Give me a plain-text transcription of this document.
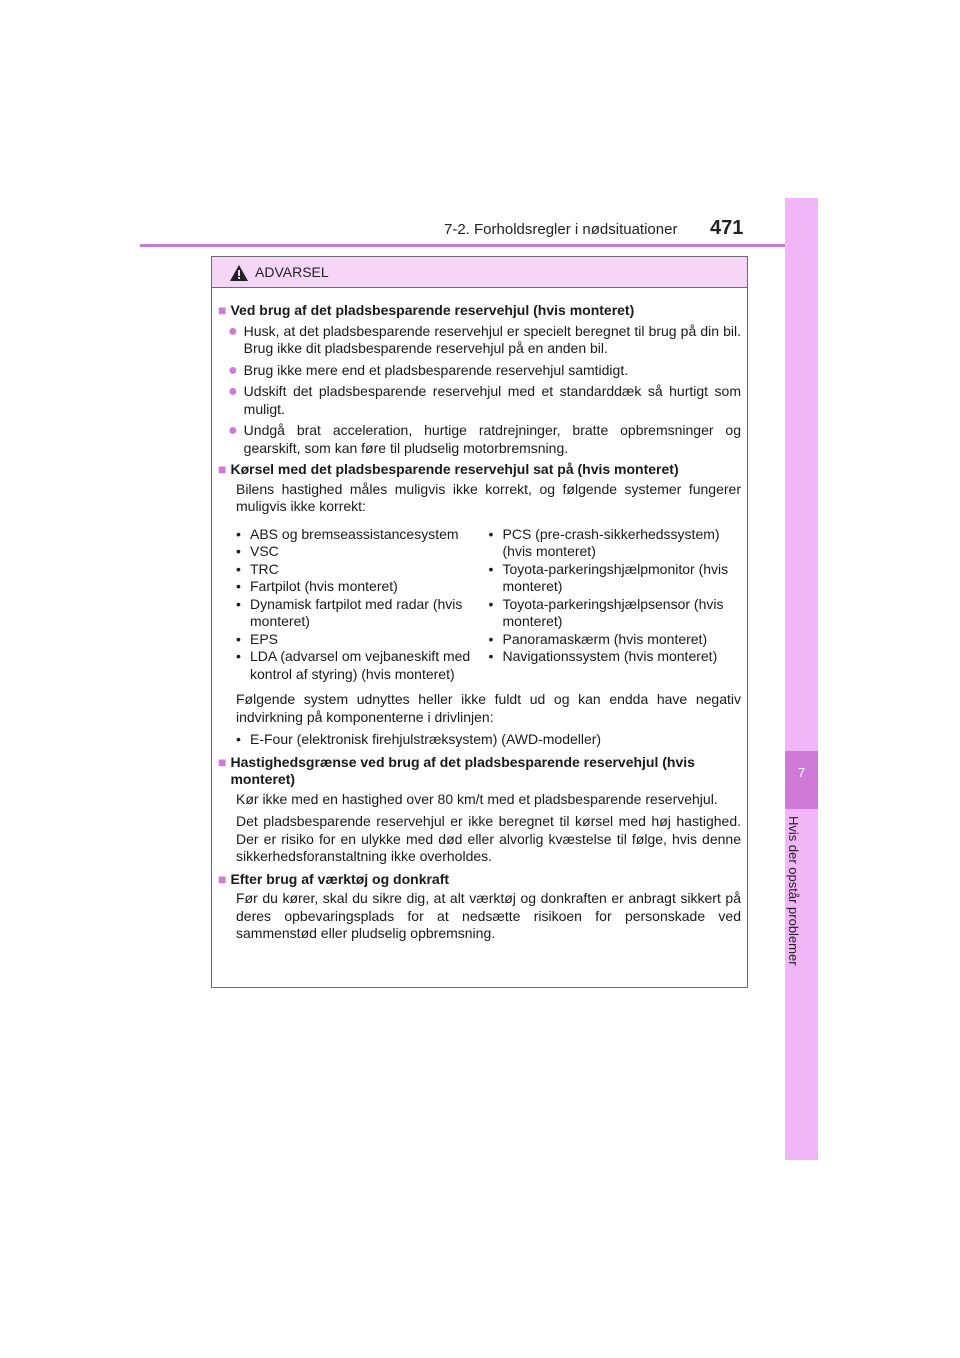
7-2. Forholdsregler i nødsituationer 471
7
Hvis der opstår problemer
ADVARSEL
■ Ved brug af det pladsbesparende reservehjul (hvis monteret)
● Husk, at det pladsbesparende reservehjul er specielt beregnet til brug på din bil. Brug ikke dit pladsbesparende reservehjul på en anden bil.
● Brug ikke mere end et pladsbesparende reservehjul samtidigt.
● Udskift det pladsbesparende reservehjul med et standarddæk så hurtigt som muligt.
● Undgå brat acceleration, hurtige ratdrejninger, bratte opbremsninger og gearskift, som kan føre til pludselig motorbremsning.
■ Kørsel med det pladsbesparende reservehjul sat på (hvis monteret)
Bilens hastighed måles muligvis ikke korrekt, og følgende systemer fungerer muligvis ikke korrekt:
• ABS og bremseassistancesystem
• VSC
• TRC
• Fartpilot (hvis monteret)
• Dynamisk fartpilot med radar (hvis monteret)
• EPS
• LDA (advarsel om vejbaneskift med kontrol af styring) (hvis monteret)
• PCS (pre-crash-sikkerhedssystem) (hvis monteret)
• Toyota-parkeringshjælpmonitor (hvis monteret)
• Toyota-parkeringshjælpsensor (hvis monteret)
• Panoramaskærm (hvis monteret)
• Navigationssystem (hvis monteret)
Følgende system udnyttes heller ikke fuldt ud og kan endda have negativ indvirkning på komponenterne i drivlinjen:
• E-Four (elektronisk firehjulstræksystem) (AWD-modeller)
■ Hastighedsgrænse ved brug af det pladsbesparende reservehjul (hvis monteret)
Kør ikke med en hastighed over 80 km/t med et pladsbesparende reservehjul.
Det pladsbesparende reservehjul er ikke beregnet til kørsel med høj hastighed. Der er risiko for en ulykke med død eller alvorlig kvæstelse til følge, hvis denne sikkerhedsforanstaltning ikke overholdes.
■ Efter brug af værktøj og donkraft
Før du kører, skal du sikre dig, at alt værktøj og donkraften er anbragt sikkert på deres opbevaringsplads for at nedsætte risikoen for personskade ved sammenstød eller pludselig opbremsning.
